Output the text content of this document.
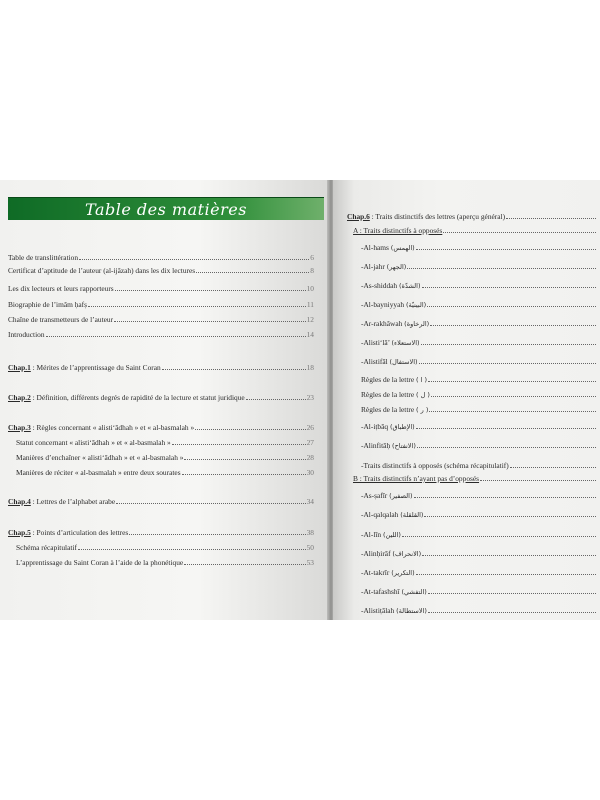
Table des matières
Table de translittération	6
Certificat d’aptitude de l’auteur (al-ijâzah) dans les dix lectures	8
Les dix lecteurs et leurs rapporteurs	10
Biographie de l’imâm ḥafṣ	11
Chaîne de transmetteurs de l’auteur	12
Introduction	14
Chap.1 : Mérites de l’apprentissage du Saint Coran	18
Chap.2 : Définition, différents degrés de rapidité de la lecture et statut juridique	23
Chap.3 : Règles concernant « alisti‘ādhah » et « al-basmalah »	26
Statut concernant « alisti‘ādhah » et « al-basmalah »	27
Manières d’enchaîner « alisti‘ādhah » et « al-basmalah »	28
Manières de réciter « al-basmalah » entre deux sourates	30
Chap.4 : Lettres de l’alphabet arabe	34
Chap.5 : Points d’articulation des lettres	38
Schéma récapitulatif	50
L’apprentissage du Saint Coran à l’aide de la phonétique	53
Chap.6 : Traits distinctifs des lettres (aperçu général)
A : Traits distinctifs à opposés
-Al-hams (الهمس)
-Al-jahr (الجهر)
-As-shiddah (الشدّة)
-Al-bayniyyah (البينيّة)
-Ar-rakhâwah (الرخاوة)
-Alisti‘lā’ (الاستعلاء)
-Alistifāl (الاستفال)
Règles de la lettre ( ا )
Règles de la lettre ( ل )
Règles de la lettre ( ر )
-Al-iṭbāq (الإطباق)
-Alinfitāḥ (الانفتاح)
-Traits distinctifs à opposés (schéma récapitulatif)
B : Traits distinctifs n’ayant pas d’opposés
-As-ṣafīr (الصفير)
-Al-qalqalah (القلقلة)
-Al-līn (اللين)
-Alinḥirāf (الانحراف)
-At-takrīr (التكرير)
-At-tafashshī (التفشي)
-Alistiṭālah (الاستطالة)
